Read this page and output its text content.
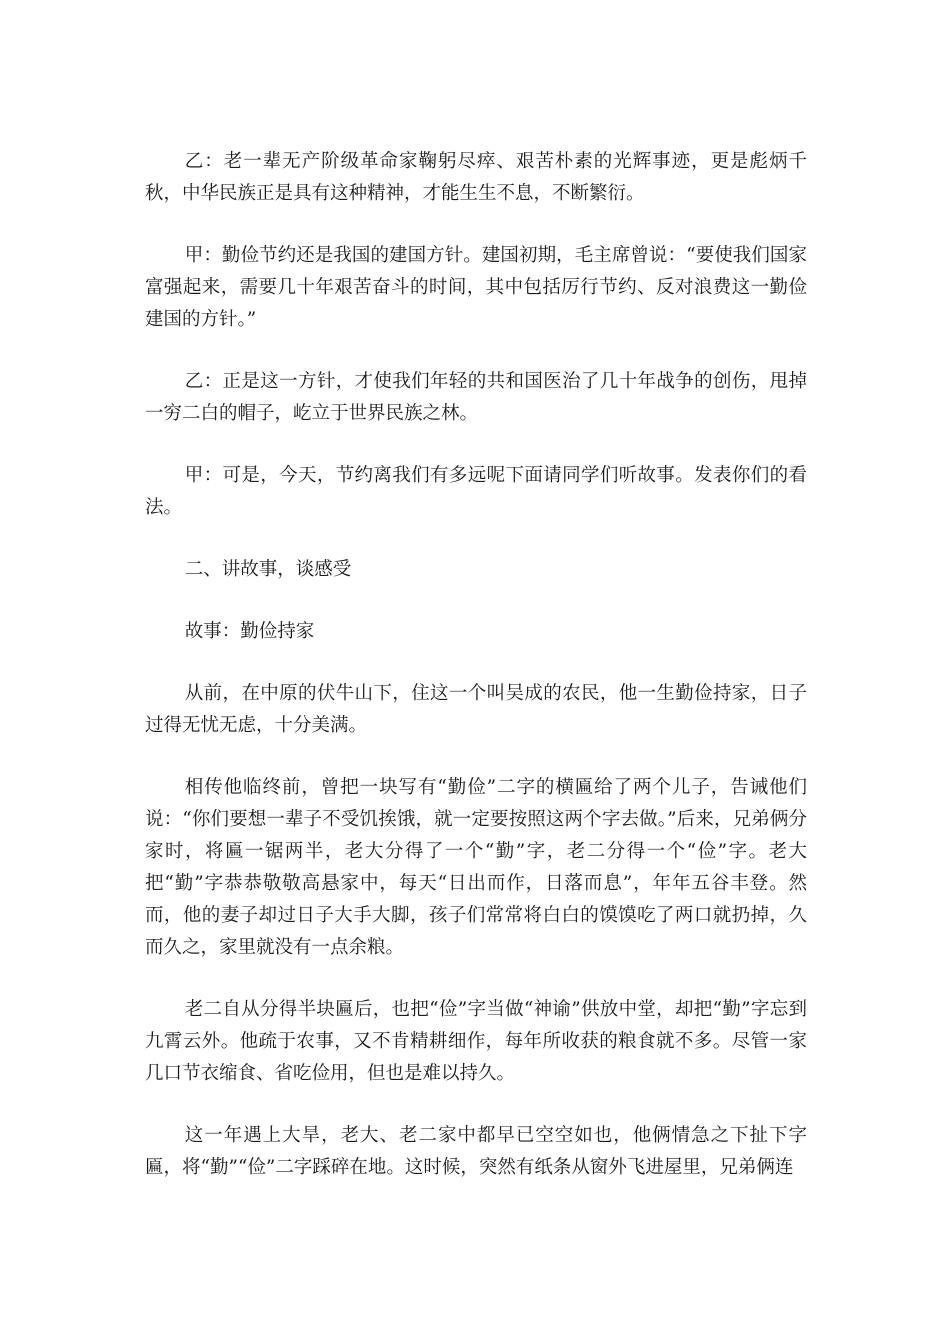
乙：老一辈无产阶级革命家鞠躬尽瘁、艰苦朴素的光辉事迹，更是彪炳千秋，中华民族正是具有这种精神，才能生生不息，不断繁衍。

甲：勤俭节约还是我国的建国方针。建国初期，毛主席曾说：“要使我们国家富强起来，需要几十年艰苦奋斗的时间，其中包括厉行节约、反对浪费这一勤俭建国的方针。”

乙：正是这一方针，才使我们年轻的共和国医治了几十年战争的创伤，甩掉一穷二白的帽子，屹立于世界民族之林。

甲：可是，今天，节约离我们有多远呢下面请同学们听故事。发表你们的看法。

二、讲故事，谈感受

故事：勤俭持家

从前，在中原的伏牛山下，住这一个叫吴成的农民，他一生勤俭持家，日子过得无忧无虑，十分美满。

相传他临终前，曾把一块写有“勤俭”二字的横匾给了两个儿子，告诫他们说：“你们要想一辈子不受饥挨饿，就一定要按照这两个字去做。”后来，兄弟俩分家时，将匾一锯两半，老大分得了一个“勤”字，老二分得一个“俭”字。老大把“勤”字恭恭敬敬高悬家中，每天“日出而作，日落而息”，年年五谷丰登。然而，他的妻子却过日子大手大脚，孩子们常常将白白的馍馍吃了两口就扔掉，久而久之，家里就没有一点余粮。

老二自从分得半块匾后，也把“俭”字当做“神谕”供放中堂，却把“勤”字忘到九霄云外。他疏于农事，又不肯精耕细作，每年所收获的粮食就不多。尽管一家几口节衣缩食、省吃俭用，但也是难以持久。

这一年遇上大旱，老大、老二家中都早已空空如也，他俩情急之下扯下字匾，将“勤”“俭”二字踩碎在地。这时候，突然有纸条从窗外飞进屋里，兄弟俩连
